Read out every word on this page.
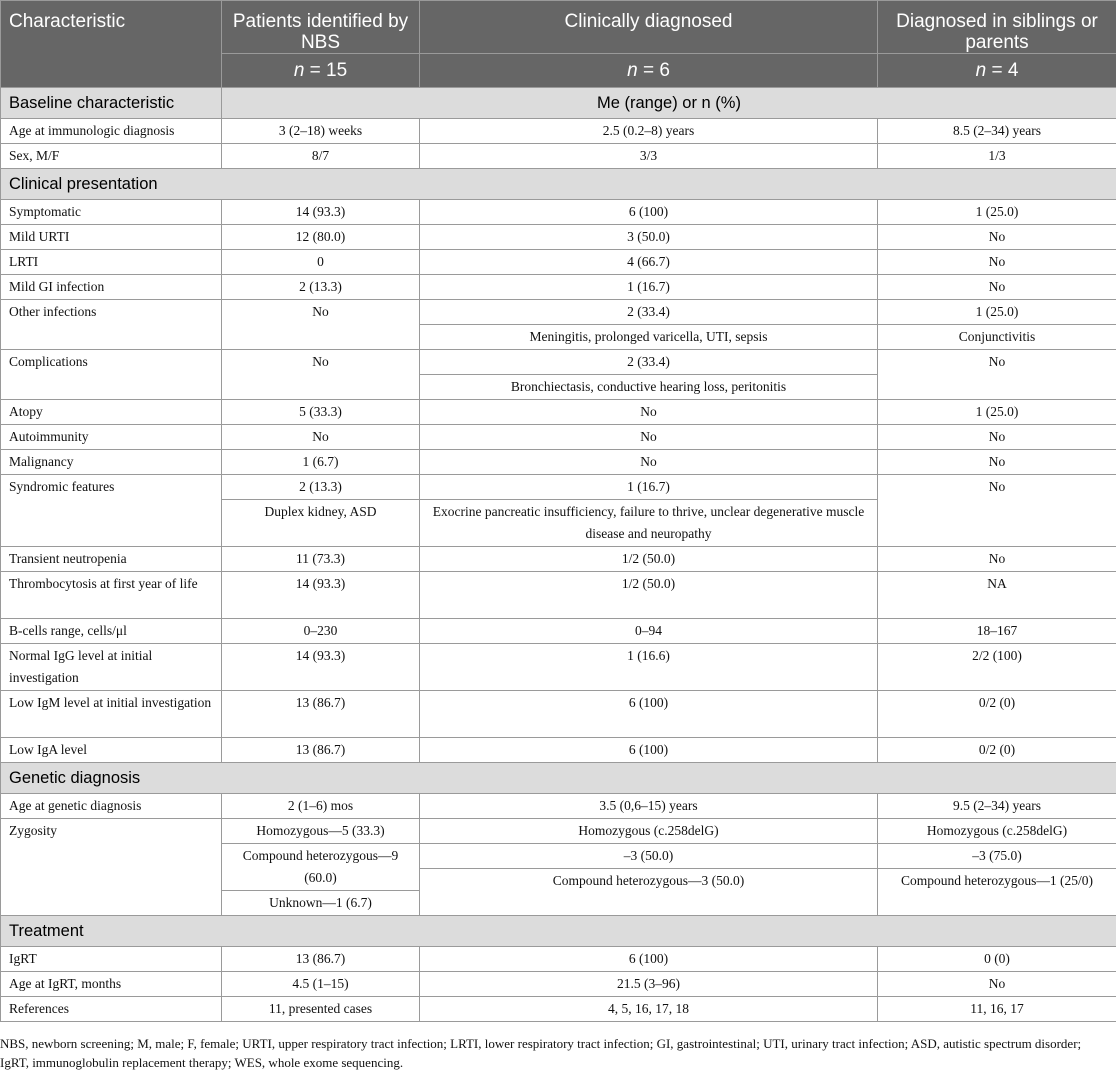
Characteristic	Patients identified by NBS	Clinically diagnosed	Diagnosed in siblings or parents
	n = 15	n = 6	n = 4
Baseline characteristic	Me (range) or n (%)		
Age at immunologic diagnosis	3 (2–18) weeks	2.5 (0.2–8) years	8.5 (2–34) years
Sex, M/F	8/7	3/3	1/3
Clinical presentation			
Symptomatic	14 (93.3)	6 (100)	1 (25.0)
Mild URTI	12 (80.0)	3 (50.0)	No
LRTI	0	4 (66.7)	No
Mild GI infection	2 (13.3)	1 (16.7)	No
Other infections	No	2 (33.4)	1 (25.0)
		Meningitis, prolonged varicella, UTI, sepsis	Conjunctivitis
Complications	No	2 (33.4)	No
		Bronchiectasis, conductive hearing loss, peritonitis	
Atopy	5 (33.3)	No	1 (25.0)
Autoimmunity	No	No	No
Malignancy	1 (6.7)	No	No
Syndromic features	2 (13.3)	1 (16.7)	No
	Duplex kidney, ASD	Exocrine pancreatic insufficiency, failure to thrive, unclear degenerative muscle disease and neuropathy	
Transient neutropenia	11 (73.3)	1/2 (50.0)	No
Thrombocytosis at first year of life	14 (93.3)	1/2 (50.0)	NA
B-cells range, cells/μl	0–230	0–94	18–167
Normal IgG level at initial investigation	14 (93.3)	1 (16.6)	2/2 (100)
Low IgM level at initial investigation	13 (86.7)	6 (100)	0/2 (0)
Low IgA level	13 (86.7)	6 (100)	0/2 (0)
Genetic diagnosis			
Age at genetic diagnosis	2 (1–6) mos	3.5 (0,6–15) years	9.5 (2–34) years
Zygosity	Homozygous—5 (33.3)	Homozygous (c.258delG)	Homozygous (c.258delG)
	Compound heterozygous—9 (60.0)	–3 (50.0)	–3 (75.0)
		Compound heterozygous—3 (50.0)	Compound heterozygous—1 (25/0)
	Unknown—1 (6.7)		
Treatment			
IgRT	13 (86.7)	6 (100)	0 (0)
Age at IgRT, months	4.5 (1–15)	21.5 (3–96)	No
References	11, presented cases	4, 5, 16, 17, 18	11, 16, 17
NBS, newborn screening; M, male; F, female; URTI, upper respiratory tract infection; LRTI, lower respiratory tract infection; GI, gastrointestinal; UTI, urinary tract infection; ASD, autistic spectrum disorder; IgRT, immunoglobulin replacement therapy; WES, whole exome sequencing.
